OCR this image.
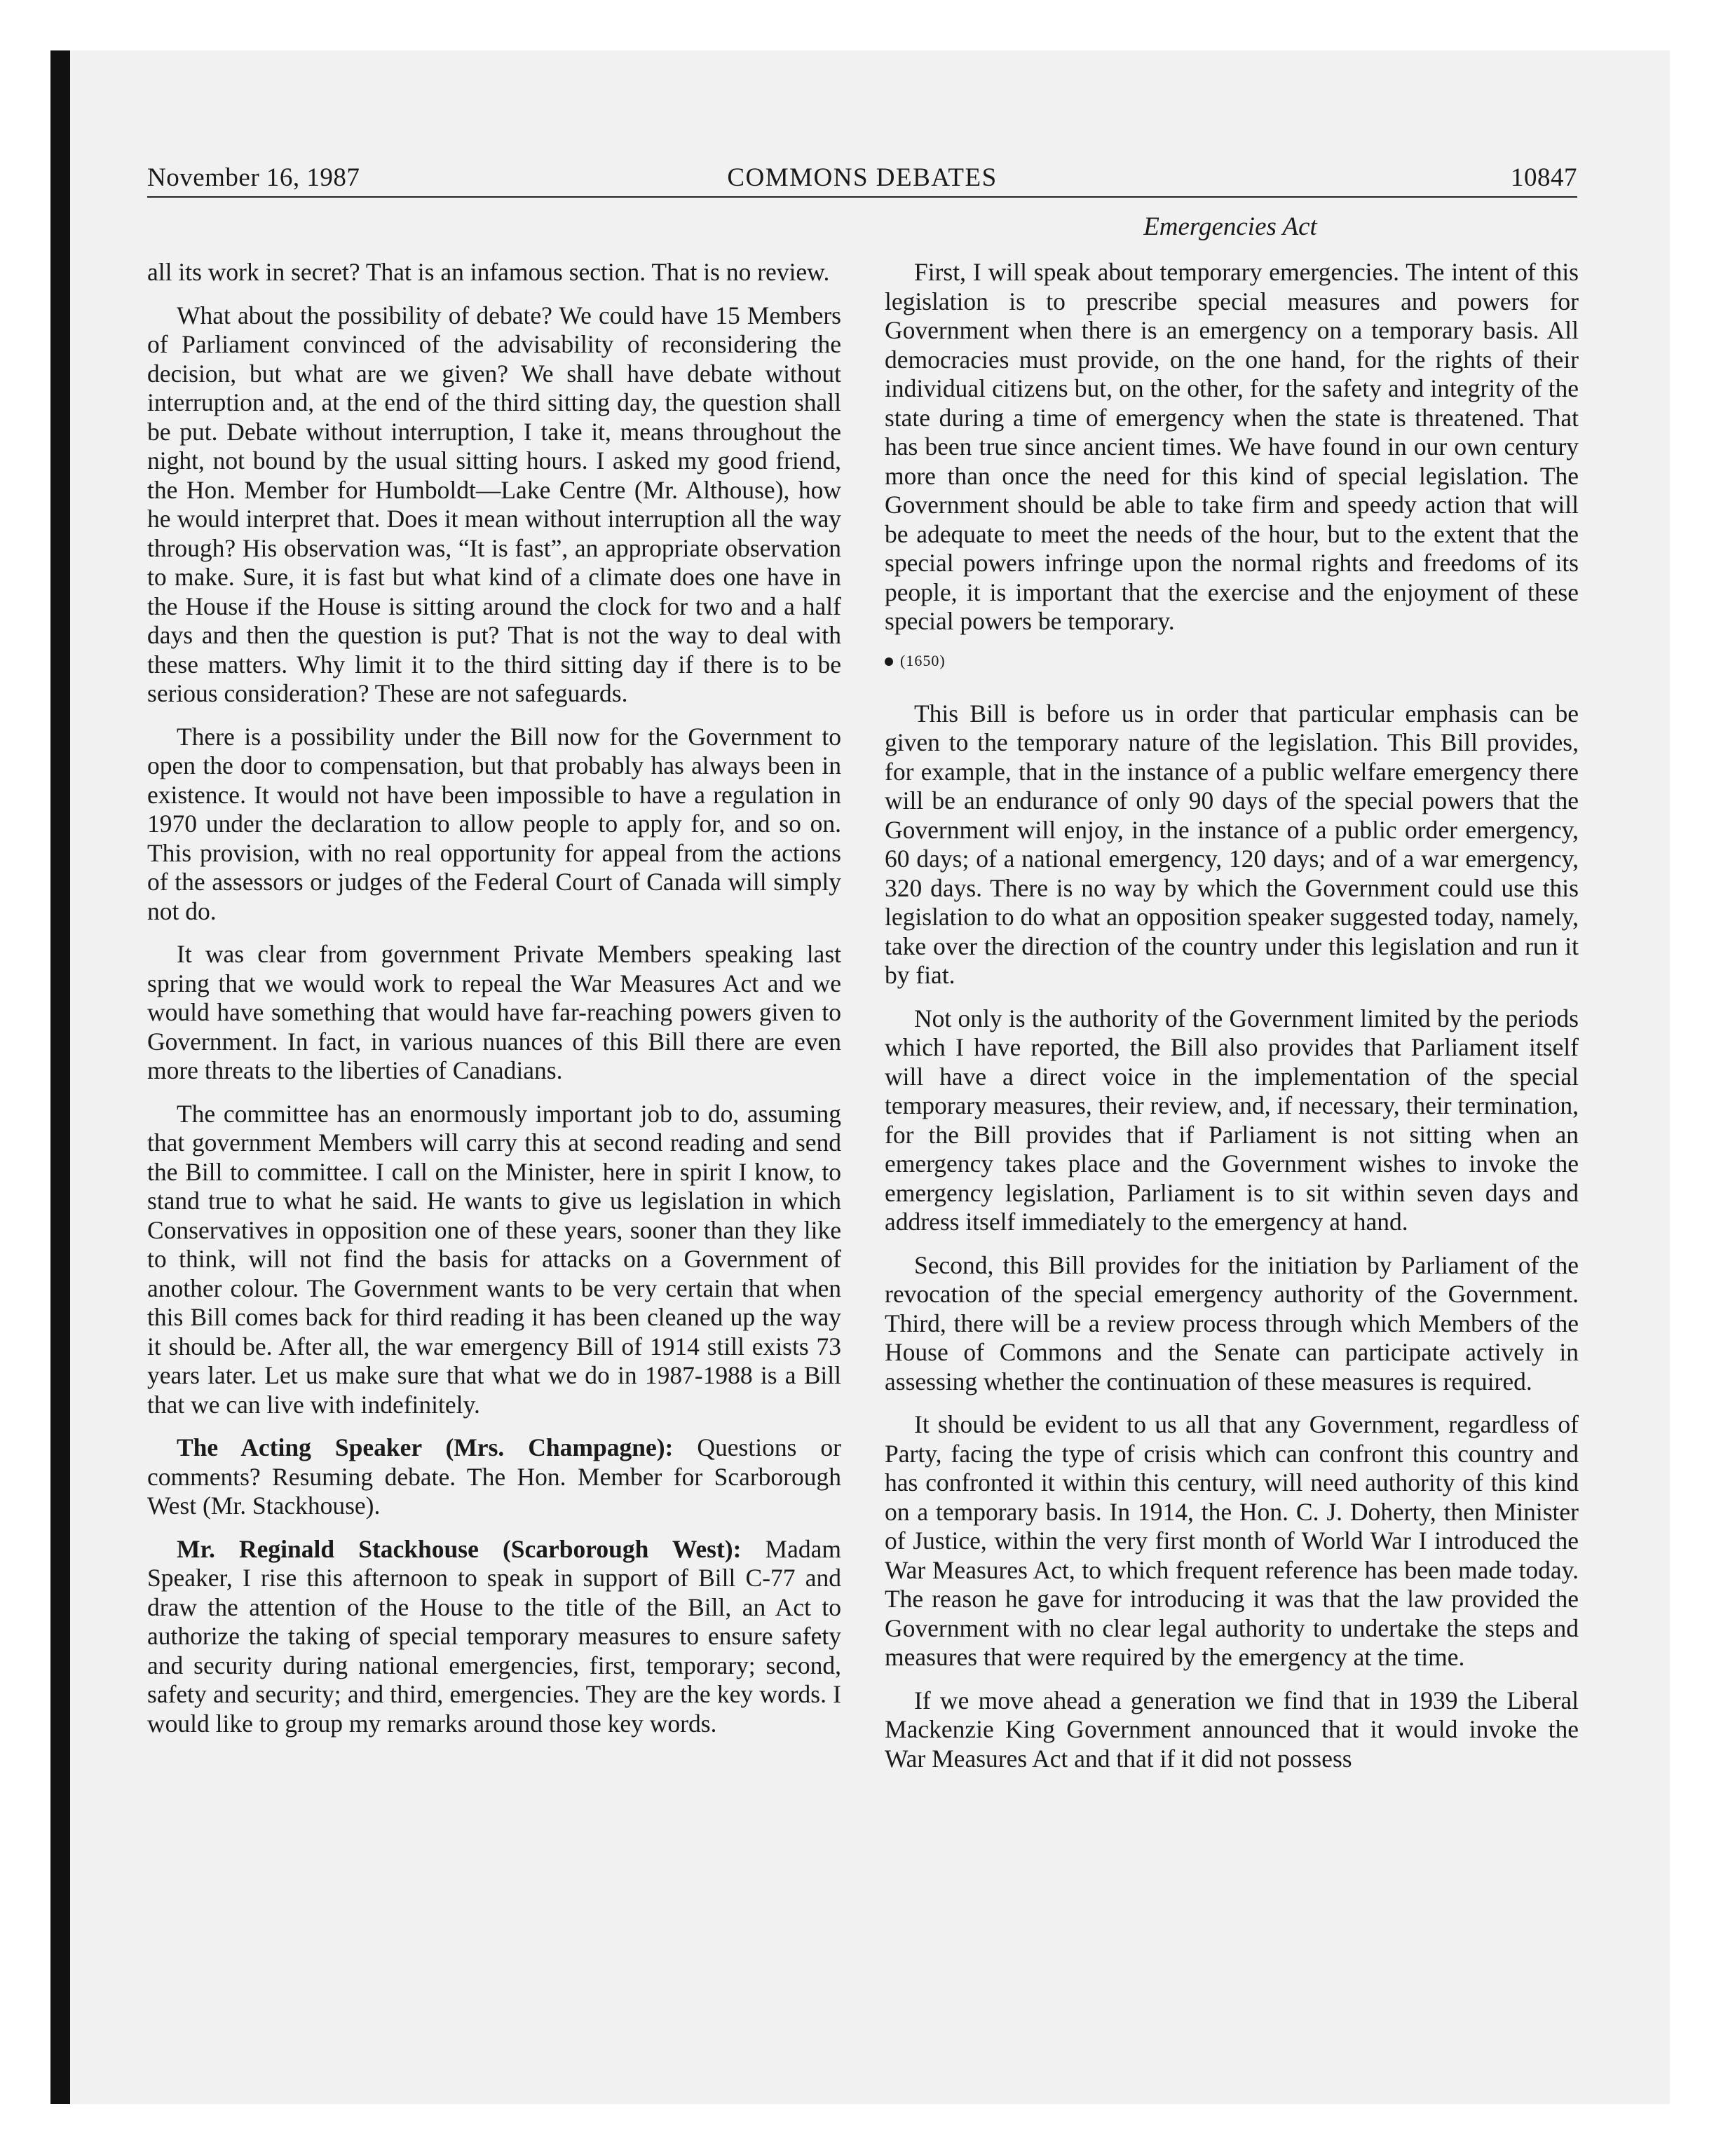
November 16, 1987	COMMONS DEBATES	10847
Emergencies Act

all its work in secret? That is an infamous section. That is no review.

What about the possibility of debate? We could have 15 Members of Parliament convinced of the advisability of reconsidering the decision, but what are we given? We shall have debate without interruption and, at the end of the third sitting day, the question shall be put. Debate without interruption, I take it, means throughout the night, not bound by the usual sitting hours. I asked my good friend, the Hon. Member for Humboldt—Lake Centre (Mr. Althouse), how he would interpret that. Does it mean without interruption all the way through? His observation was, “It is fast”, an appropriate observation to make. Sure, it is fast but what kind of a climate does one have in the House if the House is sitting around the clock for two and a half days and then the question is put? That is not the way to deal with these matters. Why limit it to the third sitting day if there is to be serious consideration? These are not safeguards.

There is a possibility under the Bill now for the Government to open the door to compensation, but that probably has always been in existence. It would not have been impossible to have a regulation in 1970 under the declaration to allow people to apply for, and so on. This provision, with no real opportunity for appeal from the actions of the assessors or judges of the Federal Court of Canada will simply not do.

It was clear from government Private Members speaking last spring that we would work to repeal the War Measures Act and we would have something that would have far-reaching powers given to Government. In fact, in various nuances of this Bill there are even more threats to the liberties of Canadians.

The committee has an enormously important job to do, assuming that government Members will carry this at second reading and send the Bill to committee. I call on the Minister, here in spirit I know, to stand true to what he said. He wants to give us legislation in which Conservatives in opposition one of these years, sooner than they like to think, will not find the basis for attacks on a Government of another colour. The Government wants to be very certain that when this Bill comes back for third reading it has been cleaned up the way it should be. After all, the war emergency Bill of 1914 still exists 73 years later. Let us make sure that what we do in 1987-1988 is a Bill that we can live with indefinitely.

The Acting Speaker (Mrs. Champagne): Questions or comments? Resuming debate. The Hon. Member for Scarborough West (Mr. Stackhouse).

Mr. Reginald Stackhouse (Scarborough West): Madam Speaker, I rise this afternoon to speak in support of Bill C-77 and draw the attention of the House to the title of the Bill, an Act to authorize the taking of special temporary measures to ensure safety and security during national emergencies, first, temporary; second, safety and security; and third, emergencies. They are the key words. I would like to group my remarks around those key words.

First, I will speak about temporary emergencies. The intent of this legislation is to prescribe special measures and powers for Government when there is an emergency on a temporary basis. All democracies must provide, on the one hand, for the rights of their individual citizens but, on the other, for the safety and integrity of the state during a time of emergency when the state is threatened. That has been true since ancient times. We have found in our own century more than once the need for this kind of special legislation. The Government should be able to take firm and speedy action that will be adequate to meet the needs of the hour, but to the extent that the special powers infringe upon the normal rights and freedoms of its people, it is important that the exercise and the enjoyment of these special powers be temporary.

(1650)

This Bill is before us in order that particular emphasis can be given to the temporary nature of the legislation. This Bill provides, for example, that in the instance of a public welfare emergency there will be an endurance of only 90 days of the special powers that the Government will enjoy, in the instance of a public order emergency, 60 days; of a national emergency, 120 days; and of a war emergency, 320 days. There is no way by which the Government could use this legislation to do what an opposition speaker suggested today, namely, take over the direction of the country under this legislation and run it by fiat.

Not only is the authority of the Government limited by the periods which I have reported, the Bill also provides that Parliament itself will have a direct voice in the implementation of the special temporary measures, their review, and, if necessary, their termination, for the Bill provides that if Parliament is not sitting when an emergency takes place and the Government wishes to invoke the emergency legislation, Parliament is to sit within seven days and address itself immediately to the emergency at hand.

Second, this Bill provides for the initiation by Parliament of the revocation of the special emergency authority of the Government. Third, there will be a review process through which Members of the House of Commons and the Senate can participate actively in assessing whether the continuation of these measures is required.

It should be evident to us all that any Government, regardless of Party, facing the type of crisis which can confront this country and has confronted it within this century, will need authority of this kind on a temporary basis. In 1914, the Hon. C. J. Doherty, then Minister of Justice, within the very first month of World War I introduced the War Measures Act, to which frequent reference has been made today. The reason he gave for introducing it was that the law provided the Government with no clear legal authority to undertake the steps and measures that were required by the emergency at the time.

If we move ahead a generation we find that in 1939 the Liberal Mackenzie King Government announced that it would invoke the War Measures Act and that if it did not possess
